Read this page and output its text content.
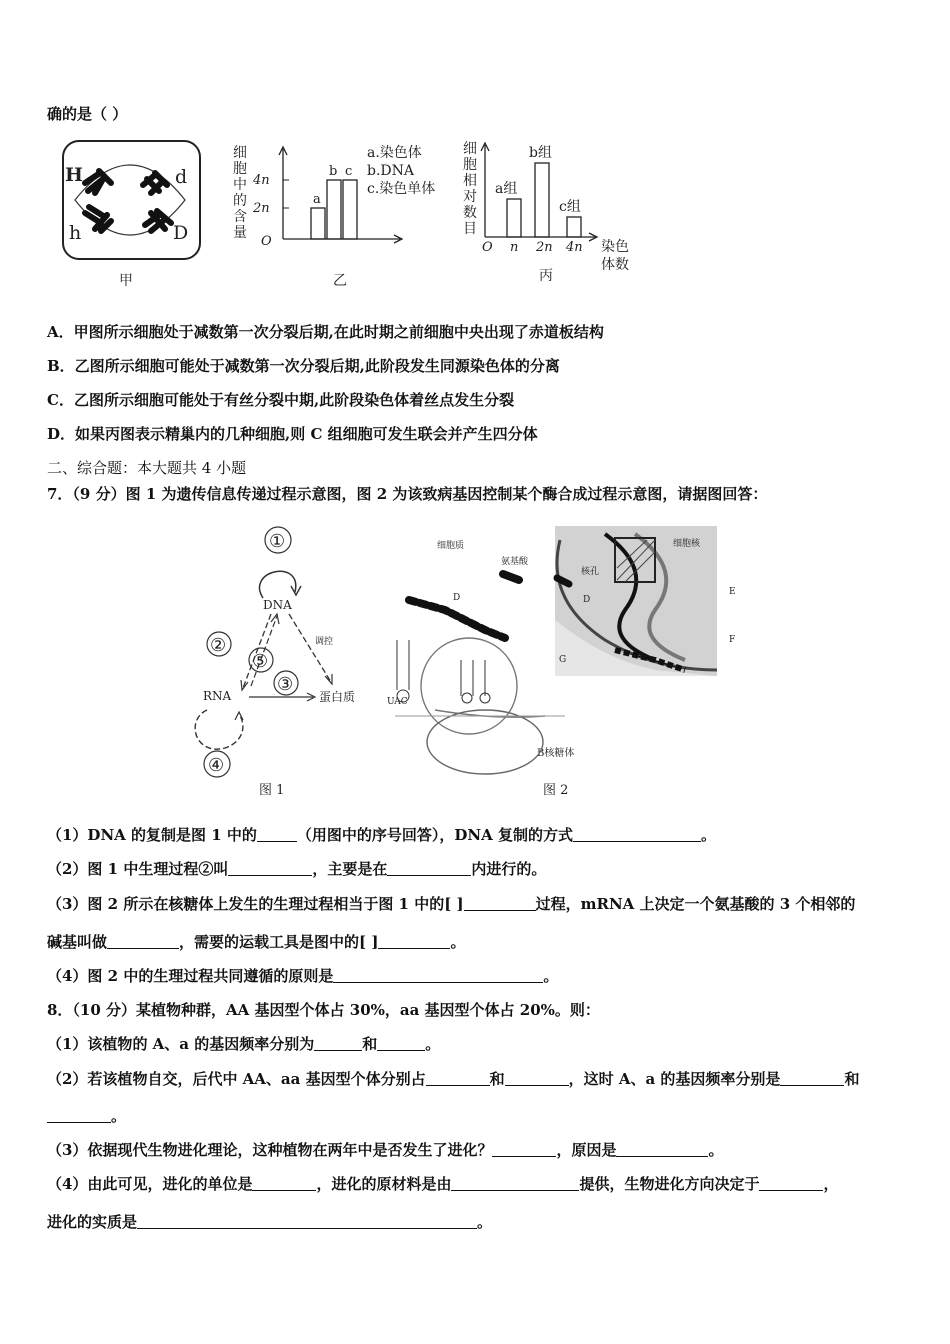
确的是（ ）
H	d
h	D
甲
细
胞
中
的
含
量
4n
2n
O
a
b c
a.染色体
b.DNA
c.染色单体
乙
细
胞
相
对
数
目
O n 2n 4n
a组
b组
c组
染色
体数
丙
A．甲图所示细胞处于减数第一次分裂后期,在此时期之前细胞中央出现了赤道板结构
B．乙图所示细胞可能处于减数第一次分裂后期,此阶段发生同源染色体的分离
C．乙图所示细胞可能处于有丝分裂中期,此阶段染色体着丝点发生分裂
D．如果丙图表示精巢内的几种细胞,则 C 组细胞可发生联会并产生四分体
二、综合题：本大题共 4 小题
7．（9 分）图 1 为遗传信息传递过程示意图，图 2 为该致病基因控制某个酶合成过程示意图，请据图回答：
①
DNA
调控
②
⑤
③
RNA	蛋白质
④
图 1
细胞质
氨基酸
细胞核
核孔
D	D
E
F
UAC
G
B核糖体
图 2
（1）DNA 的复制是图 1 中的	（用图中的序号回答），DNA 复制的方式	。
（2）图 1 中生理过程②叫	，主要是在	内进行的。
（3）图 2 所示在核糖体上发生的生理过程相当于图 1 中的[ ]	过程，mRNA 上决定一个氨基酸的 3 个相邻的
碱基叫做	，需要的运载工具是图中的[ ]	。
（4）图 2 中的生理过程共同遵循的原则是	。
8．（10 分）某植物种群，AA 基因型个体占 30%，aa 基因型个体占 20%。则：
（1）该植物的 A、a 的基因频率分别为	和	。
（2）若该植物自交，后代中 AA、aa 基因型个体分别占	和	，这时 A、a 的基因频率分别是	和
。
（3）依据现代生物进化理论，这种植物在两年中是否发生了进化？	，原因是	。
（4）由此可见，进化的单位是	，进化的原材料是由	提供，生物进化方向决定于	，
进化的实质是	。
